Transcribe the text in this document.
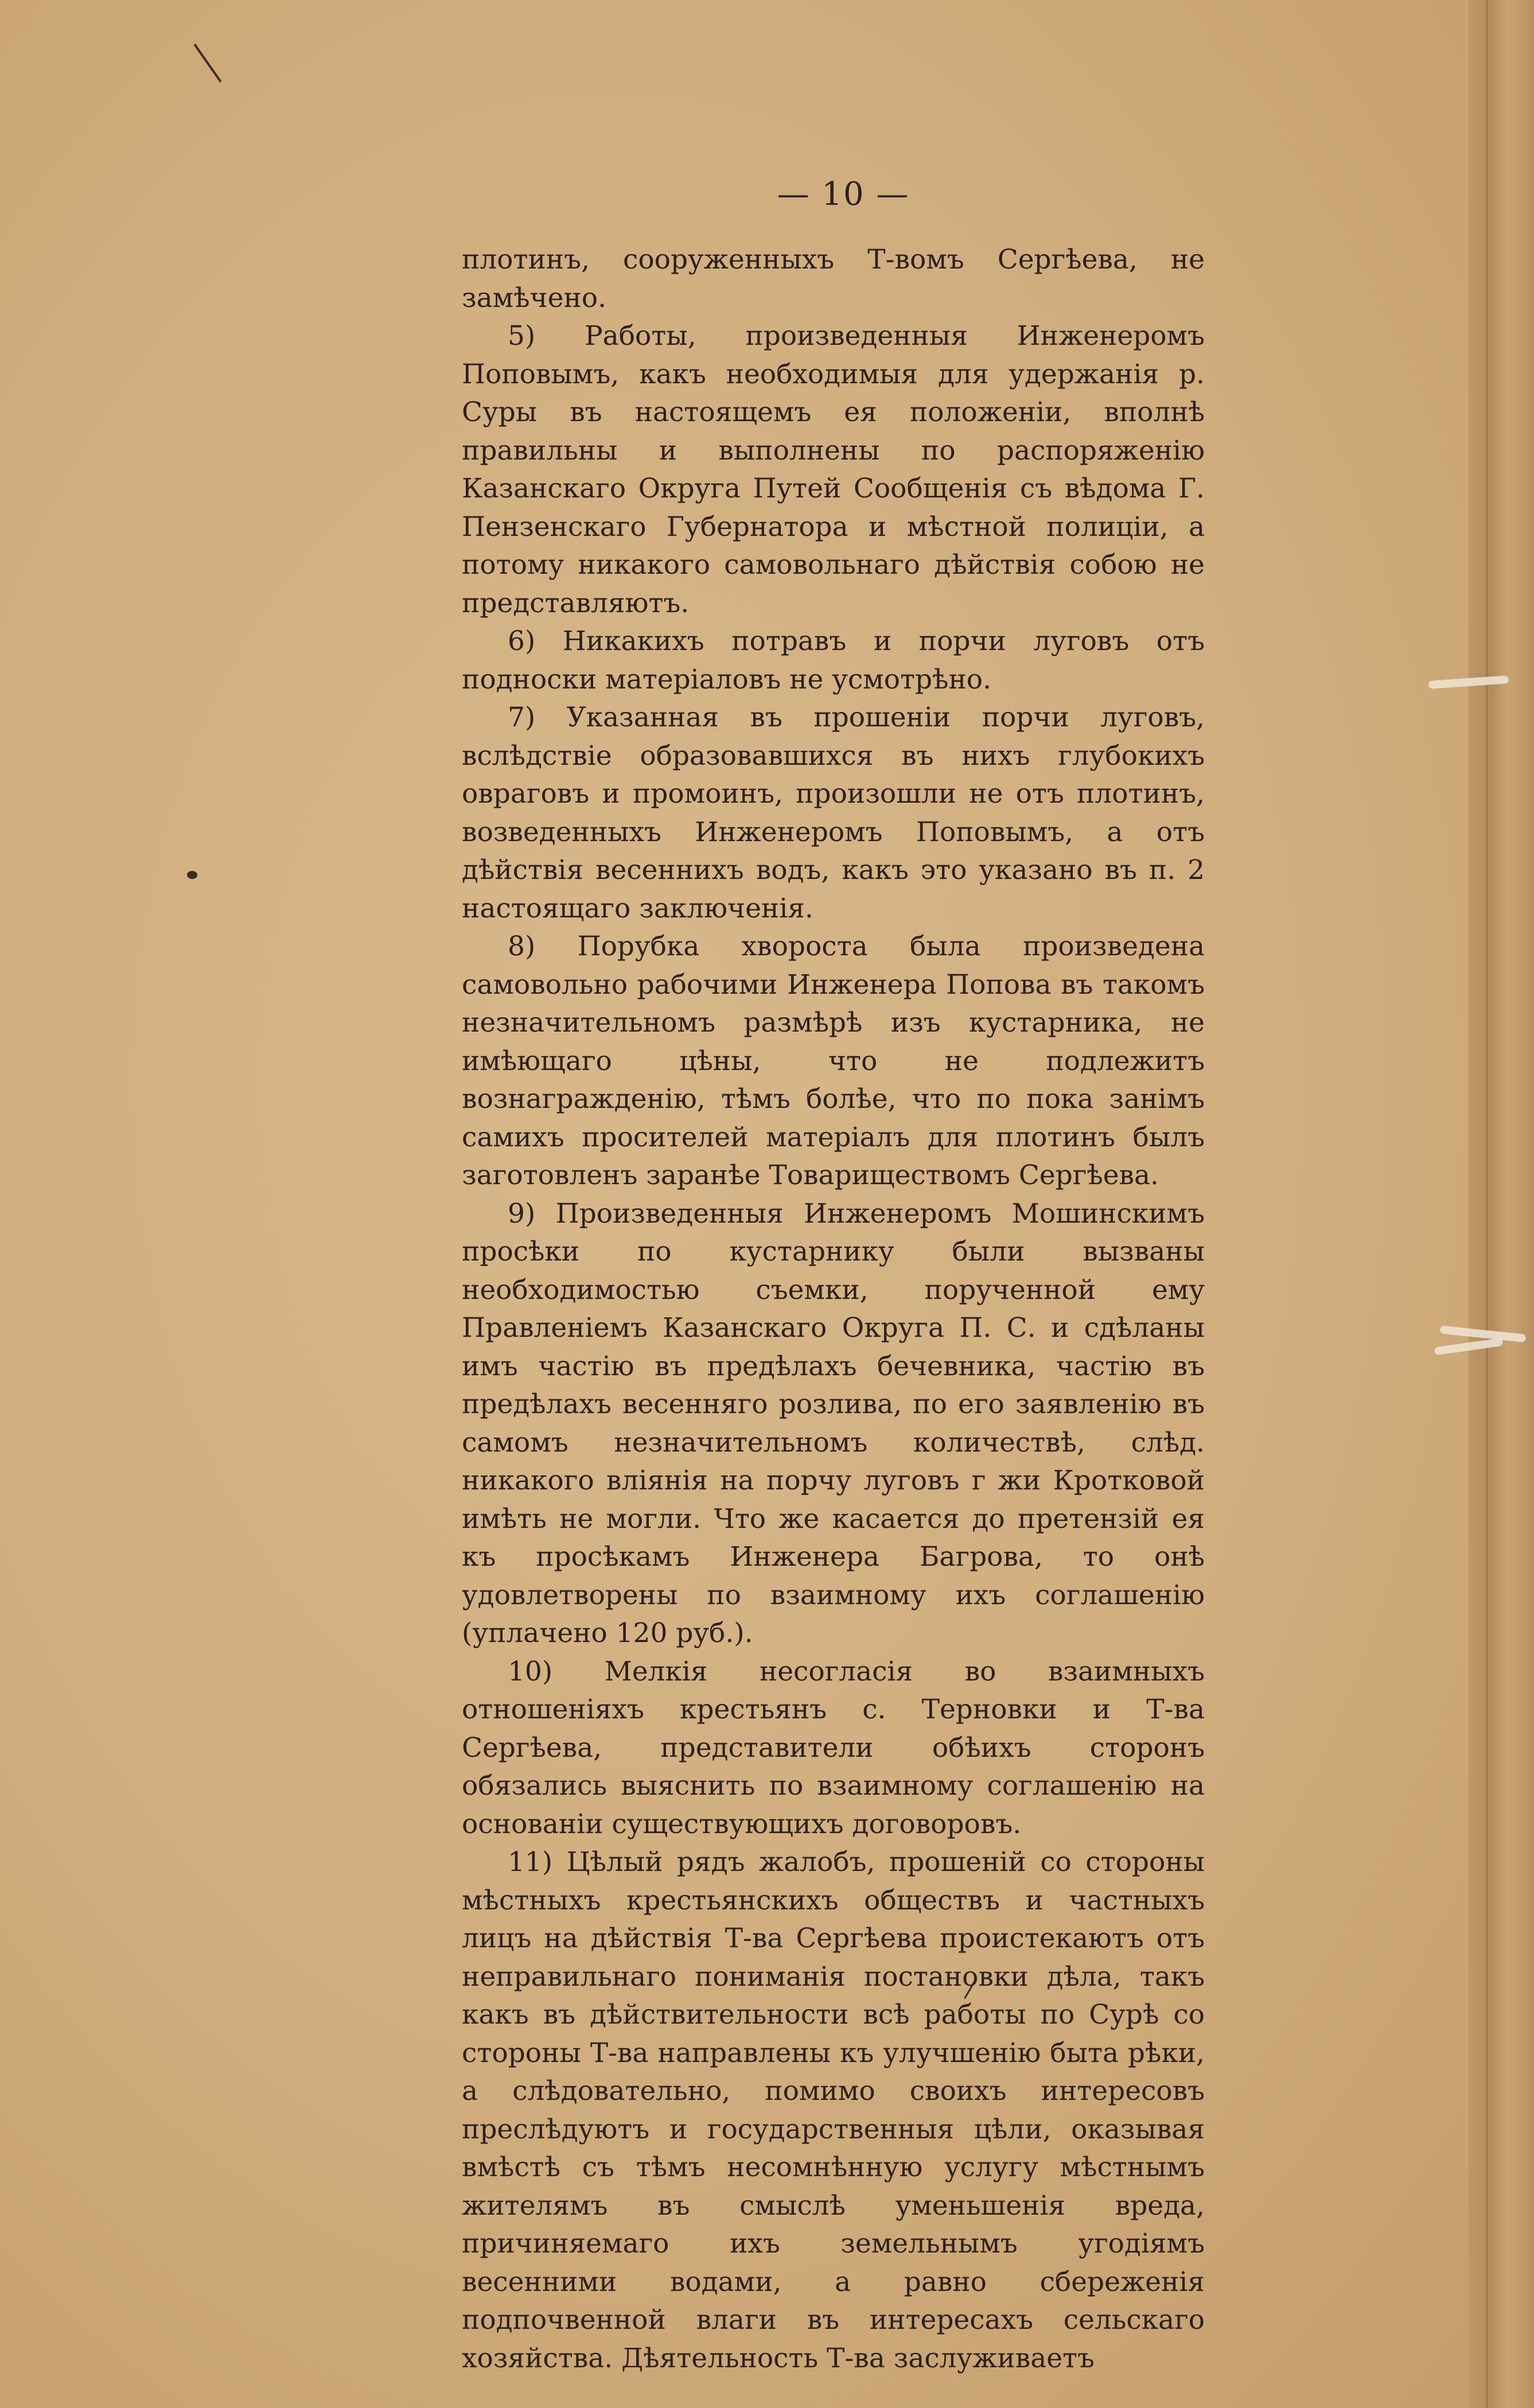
— 10 —

плотинъ, сооруженныхъ Т-вомъ Сергѣева, не замѣчено.

5) Работы, произведенныя Инженеромъ Поповымъ, какъ необходимыя для удержанія р. Суры въ настоящемъ ея положеніи, вполнѣ правильны и выполнены по распоряженію Казанскаго Округа Путей Сообщенія съ вѣдома Г. Пензенскаго Губернатора и мѣстной полиціи, а потому никакого самовольнаго дѣйствія собою не представляютъ.

6) Никакихъ потравъ и порчи луговъ отъ подноски матеріаловъ не усмотрѣно.

7) Указанная въ прошеніи порчи луговъ, вслѣдствіе образовавшихся въ нихъ глубокихъ овраговъ и промоинъ, произошли не отъ плотинъ, возведенныхъ Инженеромъ Поповымъ, а отъ дѣйствія весеннихъ водъ, какъ это указано въ п. 2 настоящаго заключенія.

8) Порубка хвороста была произведена самовольно рабочими Инженера Попова въ такомъ незначительномъ размѣрѣ изъ кустарника, не имѣющаго цѣны, что не подлежитъ вознагражденію, тѣмъ болѣе, что по пока занімъ самихъ просителей матеріалъ для плотинъ былъ заготовленъ заранѣе Товариществомъ Сергѣева.

9) Произведенныя Инженеромъ Мошинскимъ просѣки по кустарнику были вызваны необходимостью съемки, порученной ему Правленіемъ Казанскаго Округа П. С. и сдѣланы имъ частію въ предѣлахъ бечевника, частію въ предѣлахъ весенняго розлива, по его заявленію въ самомъ незначительномъ количествѣ, слѣд. никакого вліянія на порчу луговъ г жи Кротковой имѣть не могли. Что же касается до претензій ея къ просѣкамъ Инженера Багрова, то онѣ удовлетворены по взаимному ихъ соглашенію (уплачено 120 руб.).

10) Мелкія несогласія во взаимныхъ отношеніяхъ крестьянъ с. Терновки и Т-ва Сергѣева, представители обѣихъ сторонъ обязались выяснить по взаимному соглашенію на основаніи существующихъ договоровъ.

11) Цѣлый рядъ жалобъ, прошеній со стороны мѣстныхъ крестьянскихъ обществъ и частныхъ лицъ на дѣйствія Т-ва Сергѣева проистекаютъ отъ неправильнаго пониманія постановки дѣла, такъ какъ въ дѣйствительности всѣ работы по Сурѣ со стороны Т-ва направлены къ улучшенію быта рѣки, а слѣдовательно, помимо своихъ интересовъ преслѣдуютъ и государственныя цѣли, оказывая вмѣстѣ съ тѣмъ несомнѣнную услугу мѣстнымъ жителямъ въ смыслѣ уменьшенія вреда, причиняемаго ихъ земельнымъ угодіямъ весенними водами, а равно сбереженія подпочвенной влаги въ интересахъ сельскаго хозяйства. Дѣятельность Т-ва заслуживаетъ
